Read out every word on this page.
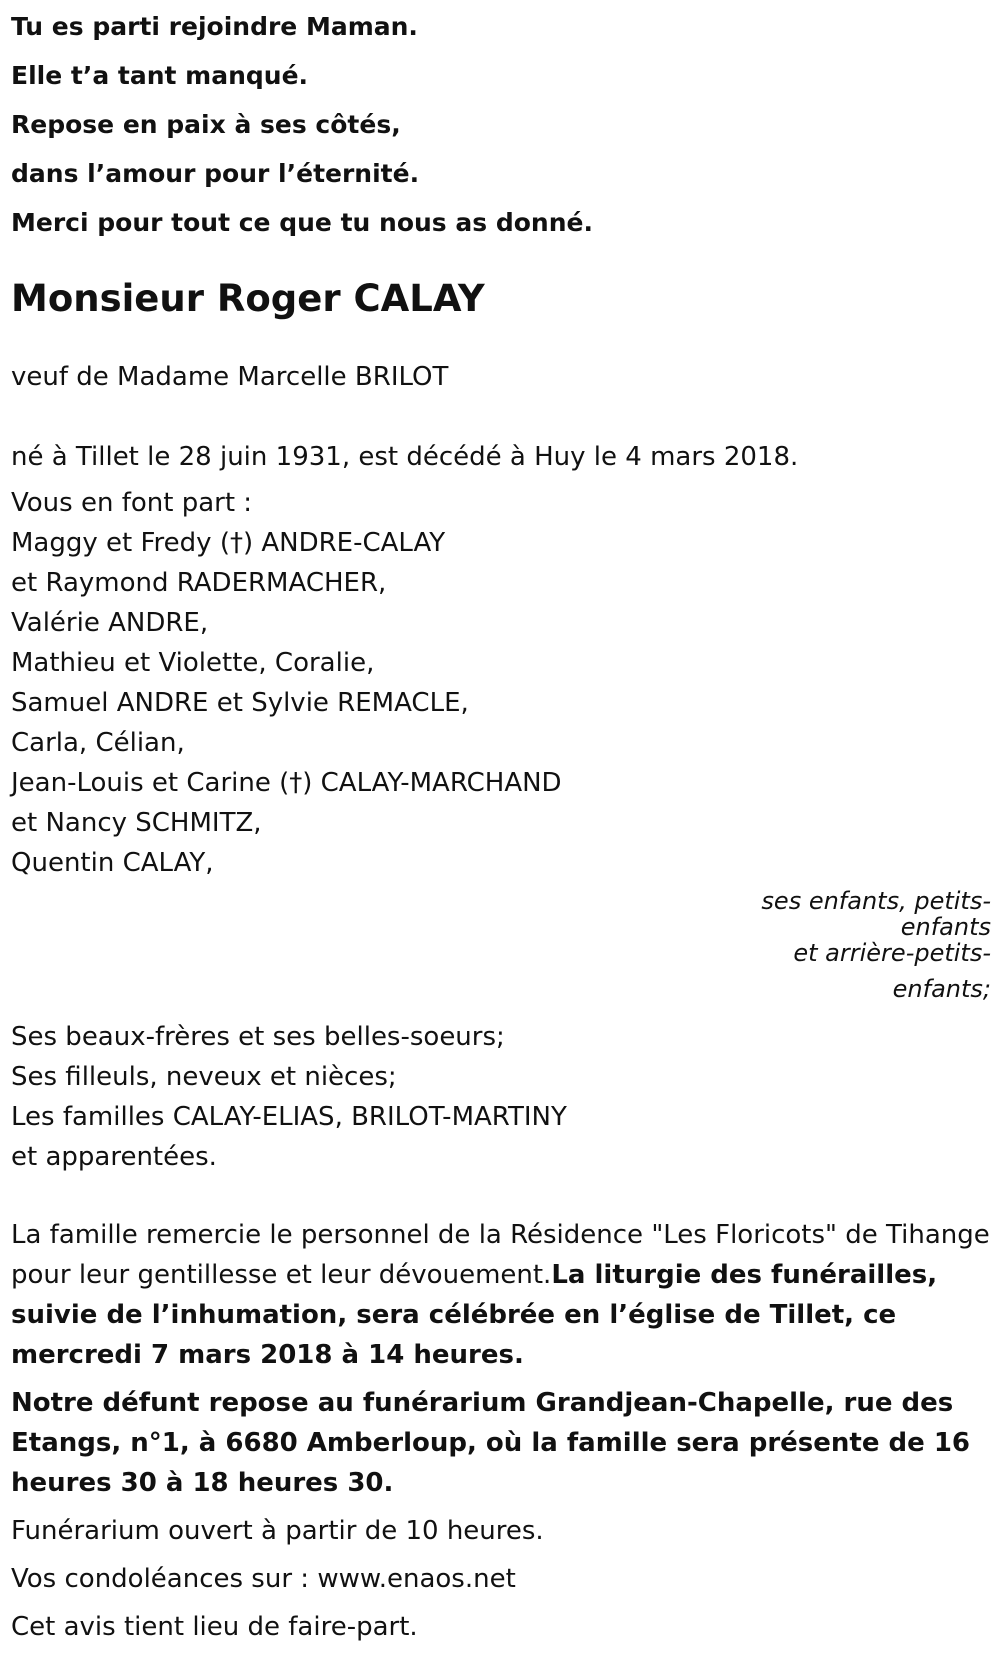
Tu es parti rejoindre Maman.

Elle t’a tant manqué.

Repose en paix à ses côtés,

dans l’amour pour l’éternité.

Merci pour tout ce que tu nous as donné.

Monsieur Roger CALAY

veuf de Madame Marcelle BRILOT

né à Tillet le 28 juin 1931, est décédé à Huy le 4 mars 2018.

Vous en font part :

Maggy et Fredy (†) ANDRE-CALAY

et Raymond RADERMACHER,

Valérie ANDRE,

Mathieu et Violette, Coralie,

Samuel ANDRE et Sylvie REMACLE,

Carla, Célian,

Jean-Louis et Carine (†) CALAY-MARCHAND

et Nancy SCHMITZ,

Quentin CALAY,

ses enfants, petits-
enfants
et arrière-petits-
enfants;

Ses beaux-frères et ses belles-soeurs;

Ses filleuls, neveux et nièces;

Les familles CALAY-ELIAS, BRILOT-MARTINY

et apparentées.

La famille remercie le personnel de la Résidence "Les Floricots" de Tihange pour leur gentillesse et leur dévouement.La liturgie des funérailles, suivie de l’inhumation, sera célébrée en l’église de Tillet, ce mercredi 7 mars 2018 à 14 heures.

Notre défunt repose au funérarium Grandjean-Chapelle, rue des Etangs, n°1, à 6680 Amberloup, où la famille sera présente de 16 heures 30 à 18 heures 30.

Funérarium ouvert à partir de 10 heures.

Vos condoléances sur : www.enaos.net

Cet avis tient lieu de faire-part.
